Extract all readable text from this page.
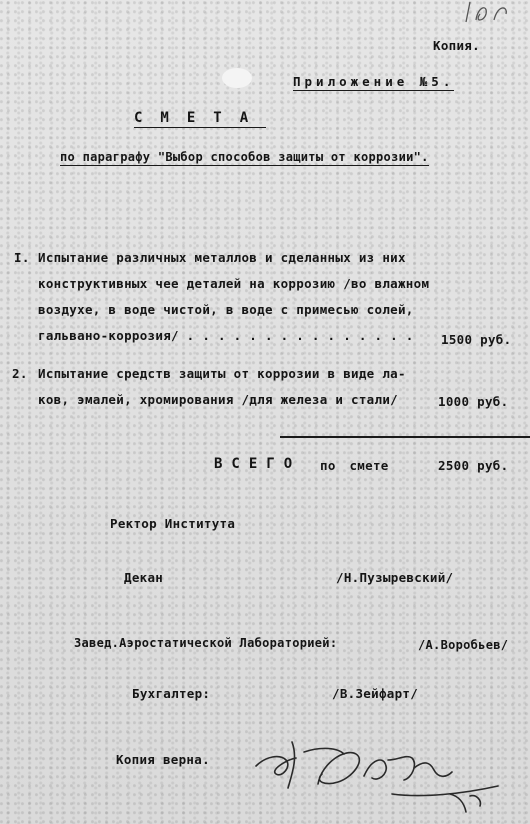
Копия.
Приложение №5.
СМЕТА
по параграфу "Выбор способов защиты от коррозии".
I. Испытание различных металлов и сделанных из них
конструктивных чее деталей на коррозию /во влажном
воздухе, в воде чистой, в воде с примесью солей,
гальвано-коррозия/ . . . . . . . . . . . . . . . 1500 руб.
2. Испытание средств защиты от коррозии в виде ла-
ков, эмалей, хромирования /для железа и стали/	1000 руб.
ВСЕГО по смете	2500 руб.
Ректор Института
Декан	/Н.Пузыревский/
Завед.Аэростатической Лабораторией:	/А.Воробьев/
Бухгалтер:	/В.Зейфарт/
Копия верна.
